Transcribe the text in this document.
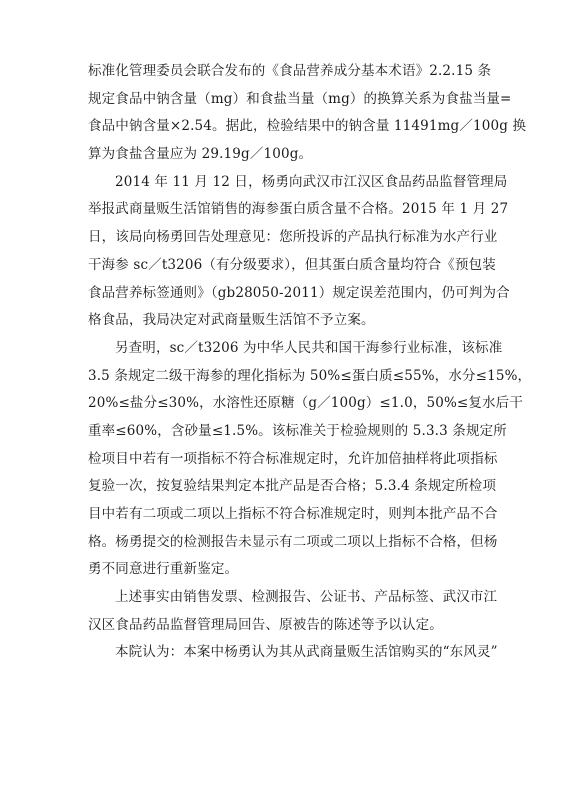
标准化管理委员会联合发布的《食品营养成分基本术语》2.2.15 条
规定食品中钠含量（mg）和食盐当量（mg）的换算关系为食盐当量=
食品中钠含量×2.54。据此，检验结果中的钠含量 11491mg／100g 换
算为食盐含量应为 29.19g／100g。
2014 年 11 月 12 日，杨勇向武汉市江汉区食品药品监督管理局
举报武商量贩生活馆销售的海参蛋白质含量不合格。2015 年 1 月 27
日，该局向杨勇回告处理意见：您所投诉的产品执行标准为水产行业
干海参 sc／t3206（有分级要求），但其蛋白质含量均符合《预包装
食品营养标签通则》（gb28050-2011）规定误差范围内，仍可判为合
格食品，我局决定对武商量贩生活馆不予立案。
另查明，sc／t3206 为中华人民共和国干海参行业标准，该标准
3.5 条规定二级干海参的理化指标为 50%≤蛋白质≤55%，水分≤15%，
20%≤盐分≤30%，水溶性还原糖（g／100g）≤1.0，50%≤复水后干
重率≤60%，含砂量≤1.5%。该标准关于检验规则的 5.3.3 条规定所
检项目中若有一项指标不符合标准规定时，允许加倍抽样将此项指标
复验一次，按复验结果判定本批产品是否合格；5.3.4 条规定所检项
目中若有二项或二项以上指标不符合标准规定时，则判本批产品不合
格。杨勇提交的检测报告未显示有二项或二项以上指标不合格，但杨
勇不同意进行重新鉴定。
上述事实由销售发票、检测报告、公证书、产品标签、武汉市江
汉区食品药品监督管理局回告、原被告的陈述等予以认定。
本院认为：本案中杨勇认为其从武商量贩生活馆购买的“东风灵”
